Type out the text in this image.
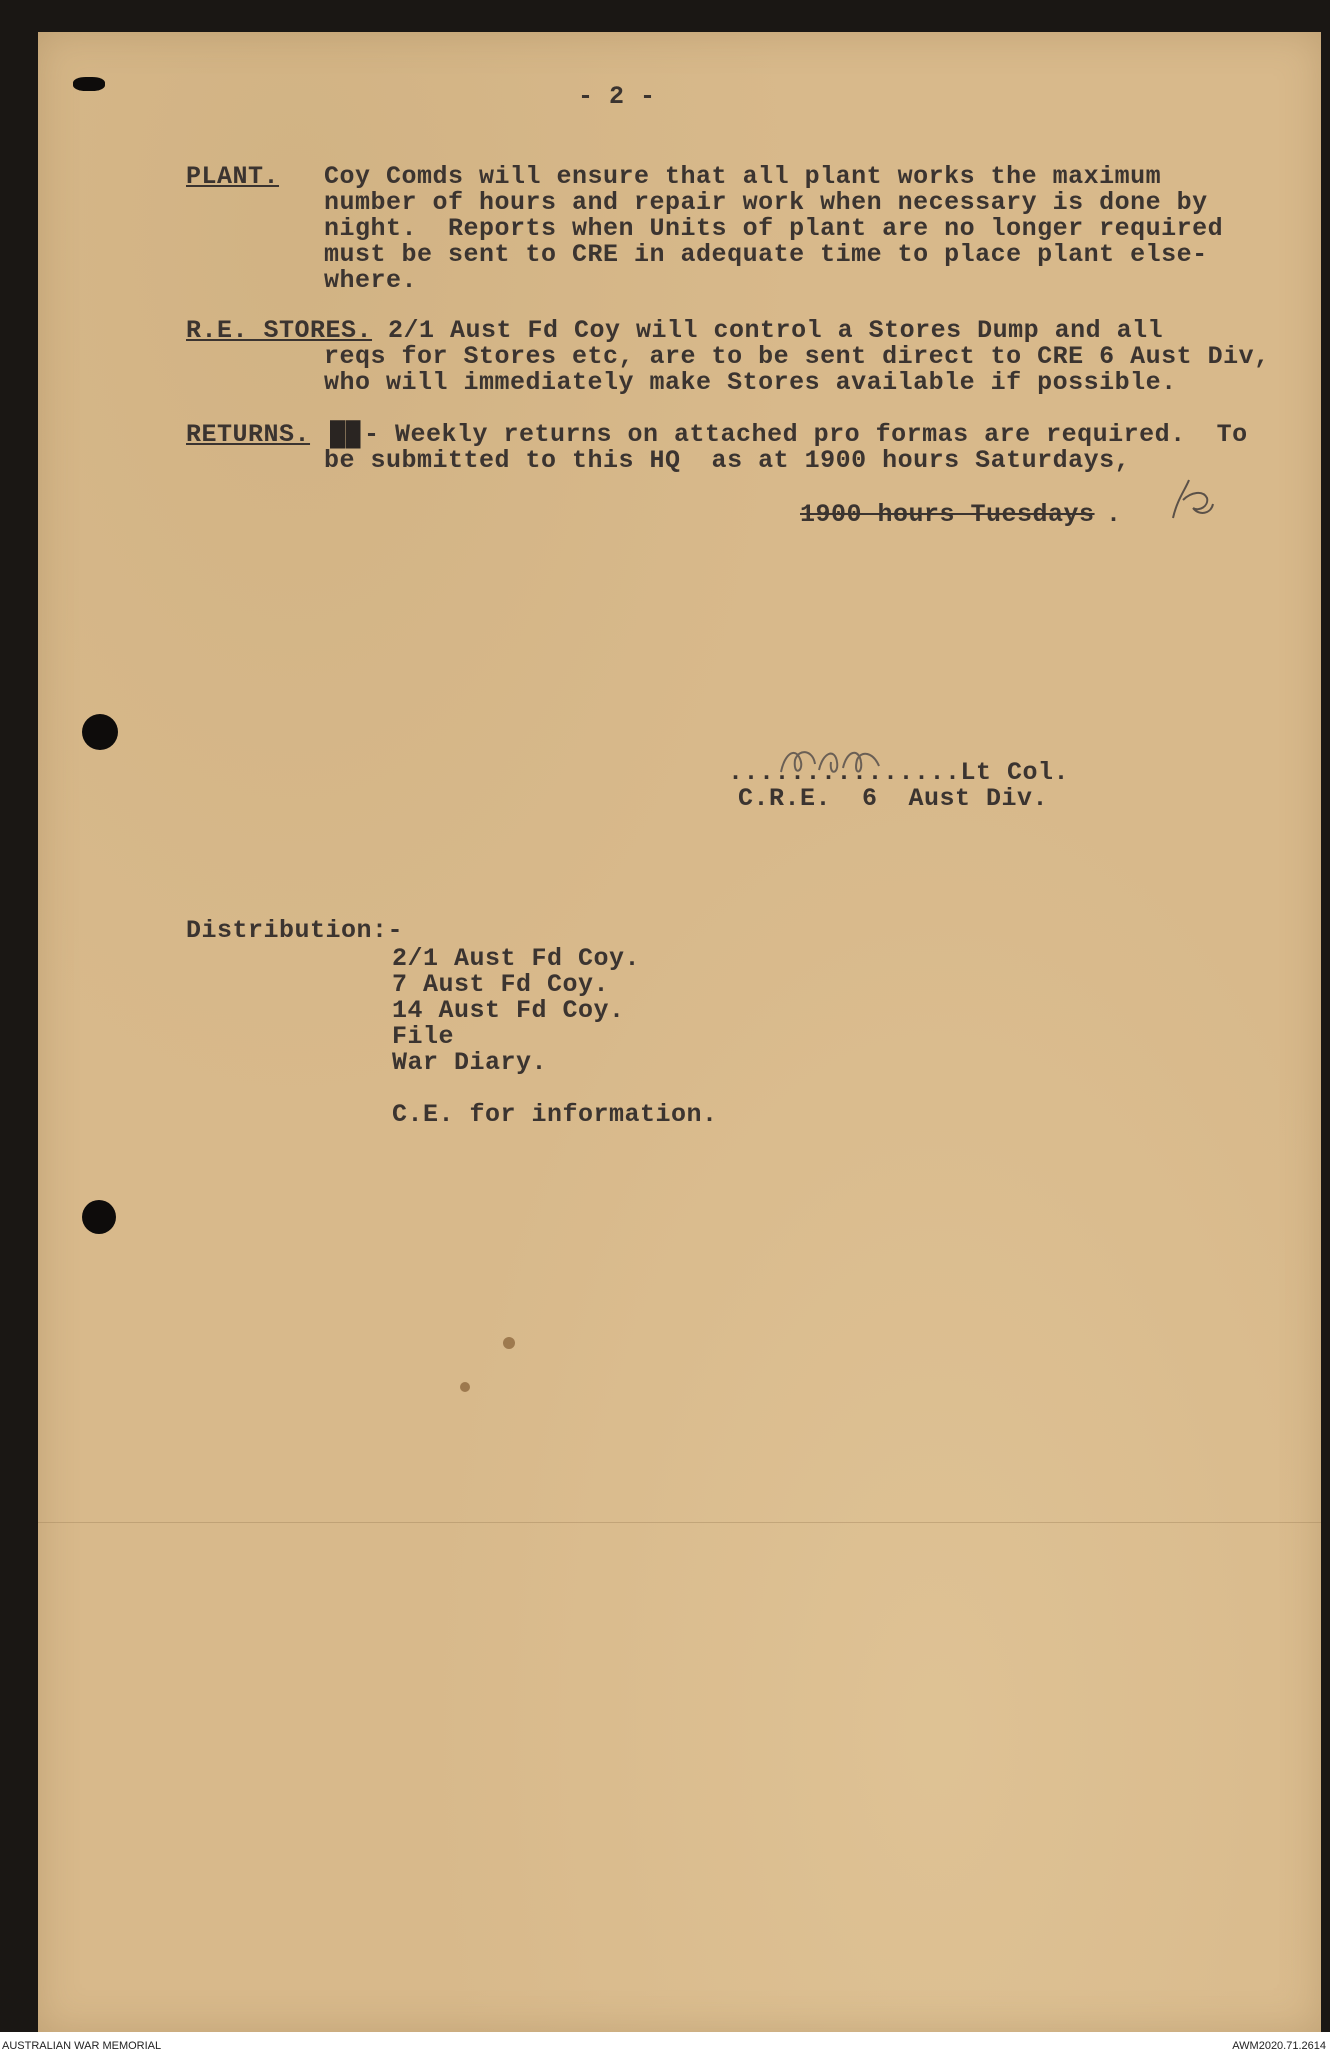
- 2 -
PLANT. Coy Comds will ensure that all plant works the maximum
number of hours and repair work when necessary is done by
night.  Reports when Units of plant are no longer required
must be sent to CRE in adequate time to place plant else-
where.
R.E. STORES. 2/1 Aust Fd Coy will control a Stores Dump and all
reqs for Stores etc, are to be sent direct to CRE 6 Aust Div,
who will immediately make Stores available if possible.
RETURNS. ██ - Weekly returns on attached pro formas are required.  To
be submitted to this HQ  as at 1900 hours Saturdays,
1900 hours Tuesdays .
...............Lt Col.
C.R.E.  6  Aust Div.
Distribution:-
2/1 Aust Fd Coy.
7 Aust Fd Coy.
14 Aust Fd Coy.
File
War Diary.
C.E. for information.
AUSTRALIAN WAR MEMORIAL	AWM2020.71.2614
